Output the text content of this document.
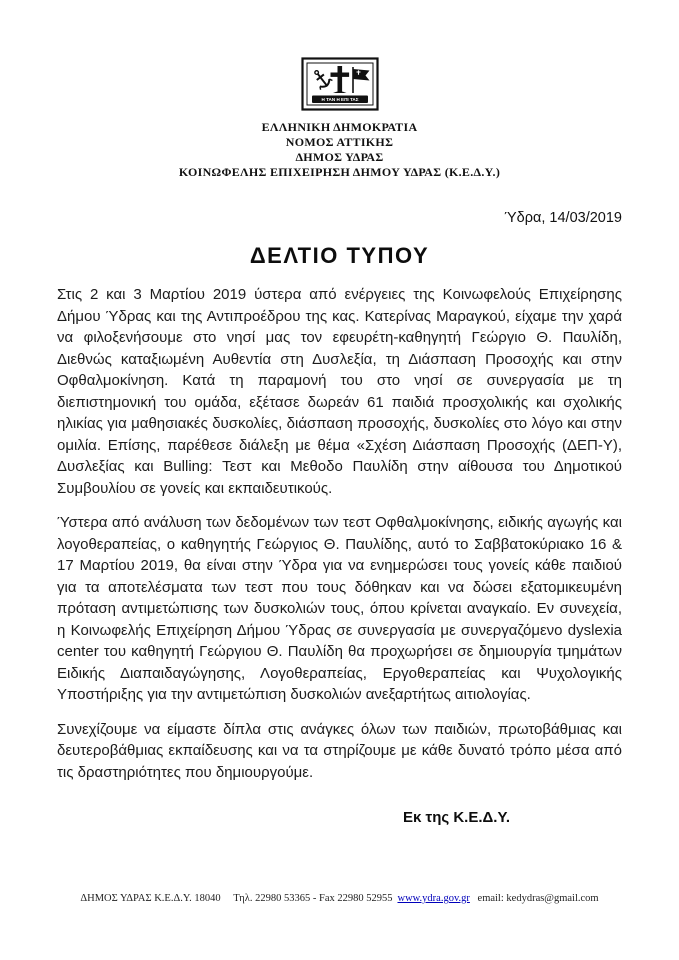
Η ΤΑΝ Η ΕΠΙ ΤΑΣ
ΕΛΛΗΝΙΚΗ ΔΗΜΟΚΡΑΤΙΑ
ΝΟΜΟΣ ΑΤΤΙΚΗΣ
ΔΗΜΟΣ ΥΔΡΑΣ
ΚΟΙΝΩΦΕΛΗΣ ΕΠΙΧΕΙΡΗΣΗ ΔΗΜΟΥ ΥΔΡΑΣ (Κ.Ε.Δ.Υ.)
Ύδρα, 14/03/2019
ΔΕΛΤΙΟ ΤΥΠΟΥ

Στις 2 και 3 Μαρτίου 2019 ύστερα από ενέργειες της Κοινωφελούς Επιχείρησης Δήμου Ύδρας και της Αντιπροέδρου της κας. Κατερίνας Μαραγκού, είχαμε την χαρά να φιλοξενήσουμε στο νησί μας τον εφευρέτη-καθηγητή Γεώργιο Θ. Παυλίδη, Διεθνώς καταξιωμένη Αυθεντία στη Δυσλεξία, τη Διάσπαση Προσοχής και στην Οφθαλμοκίνηση. Κατά τη παραμονή του στο νησί σε συνεργασία με τη διεπιστημονική του ομάδα, εξέτασε δωρεάν 61 παιδιά προσχολικής και σχολικής ηλικίας για μαθησιακές δυσκολίες, διάσπαση προσοχής, δυσκολίες στο λόγο και στην ομιλία. Επίσης, παρέθεσε διάλεξη με θέμα «Σχέση Διάσπαση Προσοχής (ΔΕΠ-Υ), Δυσλεξίας και Bulling: Τεστ και Μεθοδο Παυλίδη στην αίθουσα του Δημοτικού Συμβουλίου σε γονείς και εκπαιδευτικούς.

Ύστερα από ανάλυση των δεδομένων των τεστ Οφθαλμοκίνησης, ειδικής αγωγής και λογοθεραπείας, ο καθηγητής Γεώργιος Θ. Παυλίδης, αυτό το Σαββατοκύριακο 16 & 17 Μαρτίου 2019, θα είναι στην Ύδρα για να ενημερώσει τους γονείς κάθε παιδιού για τα αποτελέσματα των τεστ που τους δόθηκαν και να δώσει εξατομικευμένη πρόταση αντιμετώπισης των δυσκολιών τους, όπου κρίνεται αναγκαίο. Εν συνεχεία, η Κοινωφελής Επιχείρηση Δήμου Ύδρας σε συνεργασία με συνεργαζόμενο dyslexia center του καθηγητή Γεώργιου Θ. Παυλίδη θα προχωρήσει σε δημιουργία τμημάτων Ειδικής Διαπαιδαγώγησης, Λογοθεραπείας, Εργοθεραπείας και Ψυχολογικής Υποστήριξης για την αντιμετώπιση δυσκολιών ανεξαρτήτως αιτιολογίας.

Συνεχίζουμε να είμαστε δίπλα στις ανάγκες όλων των παιδιών, πρωτοβάθμιας και δευτεροβάθμιας εκπαίδευσης και να τα στηρίζουμε με κάθε δυνατό τρόπο μέσα από τις δραστηριότητες που δημιουργούμε.

Εκ της Κ.Ε.Δ.Υ.
ΔΗΜΟΣ ΥΔΡΑΣ Κ.Ε.Δ.Υ. 18040 Τηλ. 22980 53365 - Fax 22980 52955 www.ydra.gov.gr email: kedydras@gmail.com
